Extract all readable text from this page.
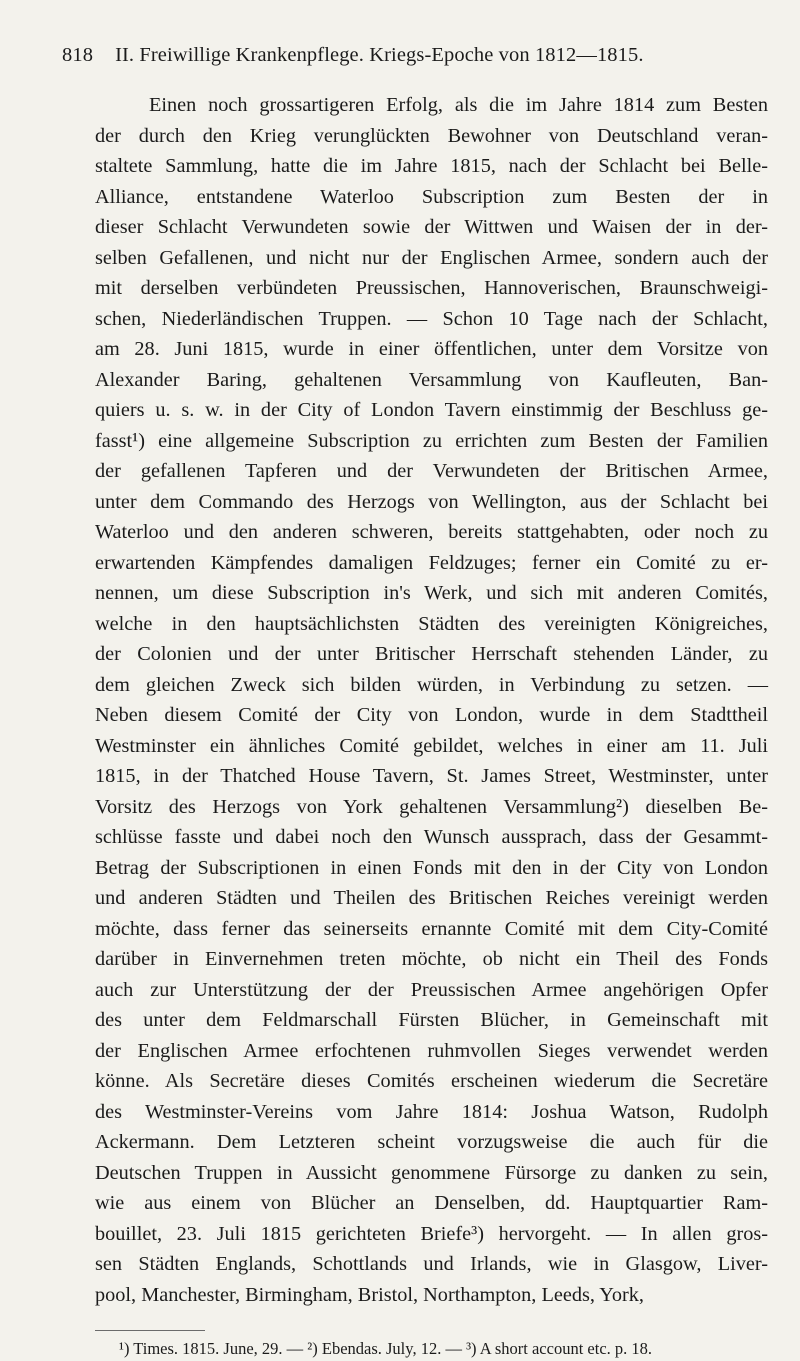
818 II. Freiwillige Krankenpflege. Kriegs-Epoche von 1812—1815.
Einen noch grossartigeren Erfolg, als die im Jahre 1814 zum Besten
der durch den Krieg verunglückten Bewohner von Deutschland veran-
staltete Sammlung, hatte die im Jahre 1815, nach der Schlacht bei Belle-
Alliance, entstandene Waterloo Subscription zum Besten der in
dieser Schlacht Verwundeten sowie der Wittwen und Waisen der in der-
selben Gefallenen, und nicht nur der Englischen Armee, sondern auch der
mit derselben verbündeten Preussischen, Hannoverischen, Braunschweigi-
schen, Niederländischen Truppen. — Schon 10 Tage nach der Schlacht,
am 28. Juni 1815, wurde in einer öffentlichen, unter dem Vorsitze von
Alexander Baring, gehaltenen Versammlung von Kaufleuten, Ban-
quiers u. s. w. in der City of London Tavern einstimmig der Beschluss ge-
fasst¹) eine allgemeine Subscription zu errichten zum Besten der Familien
der gefallenen Tapferen und der Verwundeten der Britischen Armee,
unter dem Commando des Herzogs von Wellington, aus der Schlacht bei
Waterloo und den anderen schweren, bereits stattgehabten, oder noch zu
erwartenden Kämpfendes damaligen Feldzuges; ferner ein Comité zu er-
nennen, um diese Subscription in's Werk, und sich mit anderen Comités,
welche in den hauptsächlichsten Städten des vereinigten Königreiches,
der Colonien und der unter Britischer Herrschaft stehenden Länder, zu
dem gleichen Zweck sich bilden würden, in Verbindung zu setzen. —
Neben diesem Comité der City von London, wurde in dem Stadttheil
Westminster ein ähnliches Comité gebildet, welches in einer am 11. Juli
1815, in der Thatched House Tavern, St. James Street, Westminster, unter
Vorsitz des Herzogs von York gehaltenen Versammlung²) dieselben Be-
schlüsse fasste und dabei noch den Wunsch aussprach, dass der Gesammt-
Betrag der Subscriptionen in einen Fonds mit den in der City von London
und anderen Städten und Theilen des Britischen Reiches vereinigt werden
möchte, dass ferner das seinerseits ernannte Comité mit dem City-Comité
darüber in Einvernehmen treten möchte, ob nicht ein Theil des Fonds
auch zur Unterstützung der der Preussischen Armee angehörigen Opfer
des unter dem Feldmarschall Fürsten Blücher, in Gemeinschaft mit
der Englischen Armee erfochtenen ruhmvollen Sieges verwendet werden
könne. Als Secretäre dieses Comités erscheinen wiederum die Secretäre
des Westminster-Vereins vom Jahre 1814: Joshua Watson, Rudolph
Ackermann. Dem Letzteren scheint vorzugsweise die auch für die
Deutschen Truppen in Aussicht genommene Fürsorge zu danken zu sein,
wie aus einem von Blücher an Denselben, dd. Hauptquartier Ram-
bouillet, 23. Juli 1815 gerichteten Briefe³) hervorgeht. — In allen gros-
sen Städten Englands, Schottlands und Irlands, wie in Glasgow, Liver-
pool, Manchester, Birmingham, Bristol, Northampton, Leeds, York,
¹) Times. 1815. June, 29. — ²) Ebendas. July, 12. — ³) A short account etc. p. 18.
